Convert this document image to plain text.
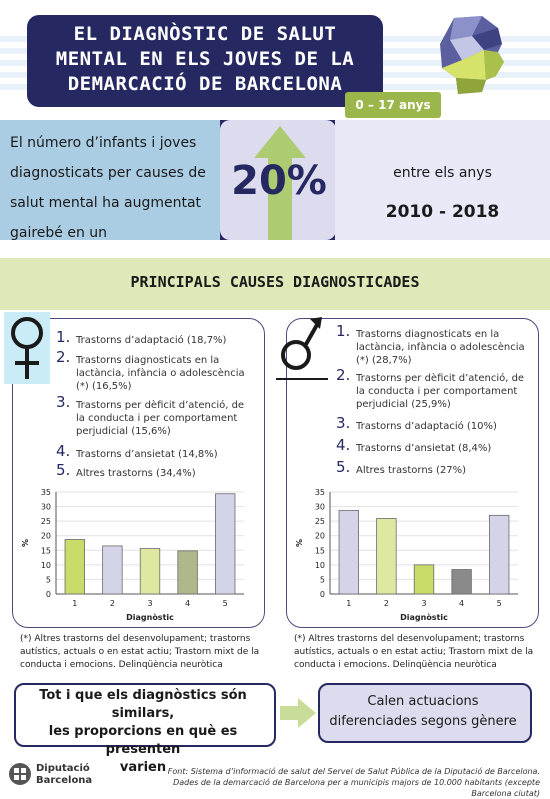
EL DIAGNÒSTIC DE SALUT
MENTAL EN ELS JOVES DE LA
DEMARCACIÓ DE BARCELONA
0 – 17 anys
El número d’infants i joves
diagnosticats per causes de
salut mental ha augmentat
gairebé en un
20%	entre els anys
2010 - 2018
PRINCIPALS CAUSES DIAGNOSTICADES
1. Trastorns d’adaptació (18,7%)
2. Trastorns diagnosticats en la lactància, infància o adolescència (*) (16,5%)
3. Trastorns per dèficit d’atenció, de la conducta i per comportament perjudicial (15,6%)
4. Trastorns d’ansietat (14,8%)
5. Altres trastorns (34,4%)
0
5
10
15
20
25
30
35
1	2	3	4	5
Diagnòstic
%
1. Trastorns diagnosticats en la lactància, infància o adolescència (*) (28,7%)
2. Trastorns per dèficit d’atenció, de la conducta i per comportament perjudicial (25,9%)
3. Trastorns d’adaptació (10%)
4. Trastorns d’ansietat (8,4%)
5. Altres trastorns (27%)
0
5
10
15
20
25
30
35
1	2	3	4	5
Diagnòstic
%
(*) Altres trastorns del desenvolupament; trastorns
autístics, actuals o en estat actiu; Trastorn mixt de la
conducta i emocions. Delinqüència neuròtica
(*) Altres trastorns del desenvolupament; trastorns
autístics, actuals o en estat actiu; Trastorn mixt de la
conducta i emocions. Delinqüència neuròtica
Tot i que els diagnòstics són similars,
les proporcions en què es presenten
varien
Calen actuacions
diferenciades segons gènere
Diputació
Barcelona
Font: Sistema d’informació de salut del Servei de Salut Pública de la Diputació de Barcelona.
Dades de la demarcació de Barcelona per a municipis majors de 10.000 habitants (excepte Barcelona ciutat)
